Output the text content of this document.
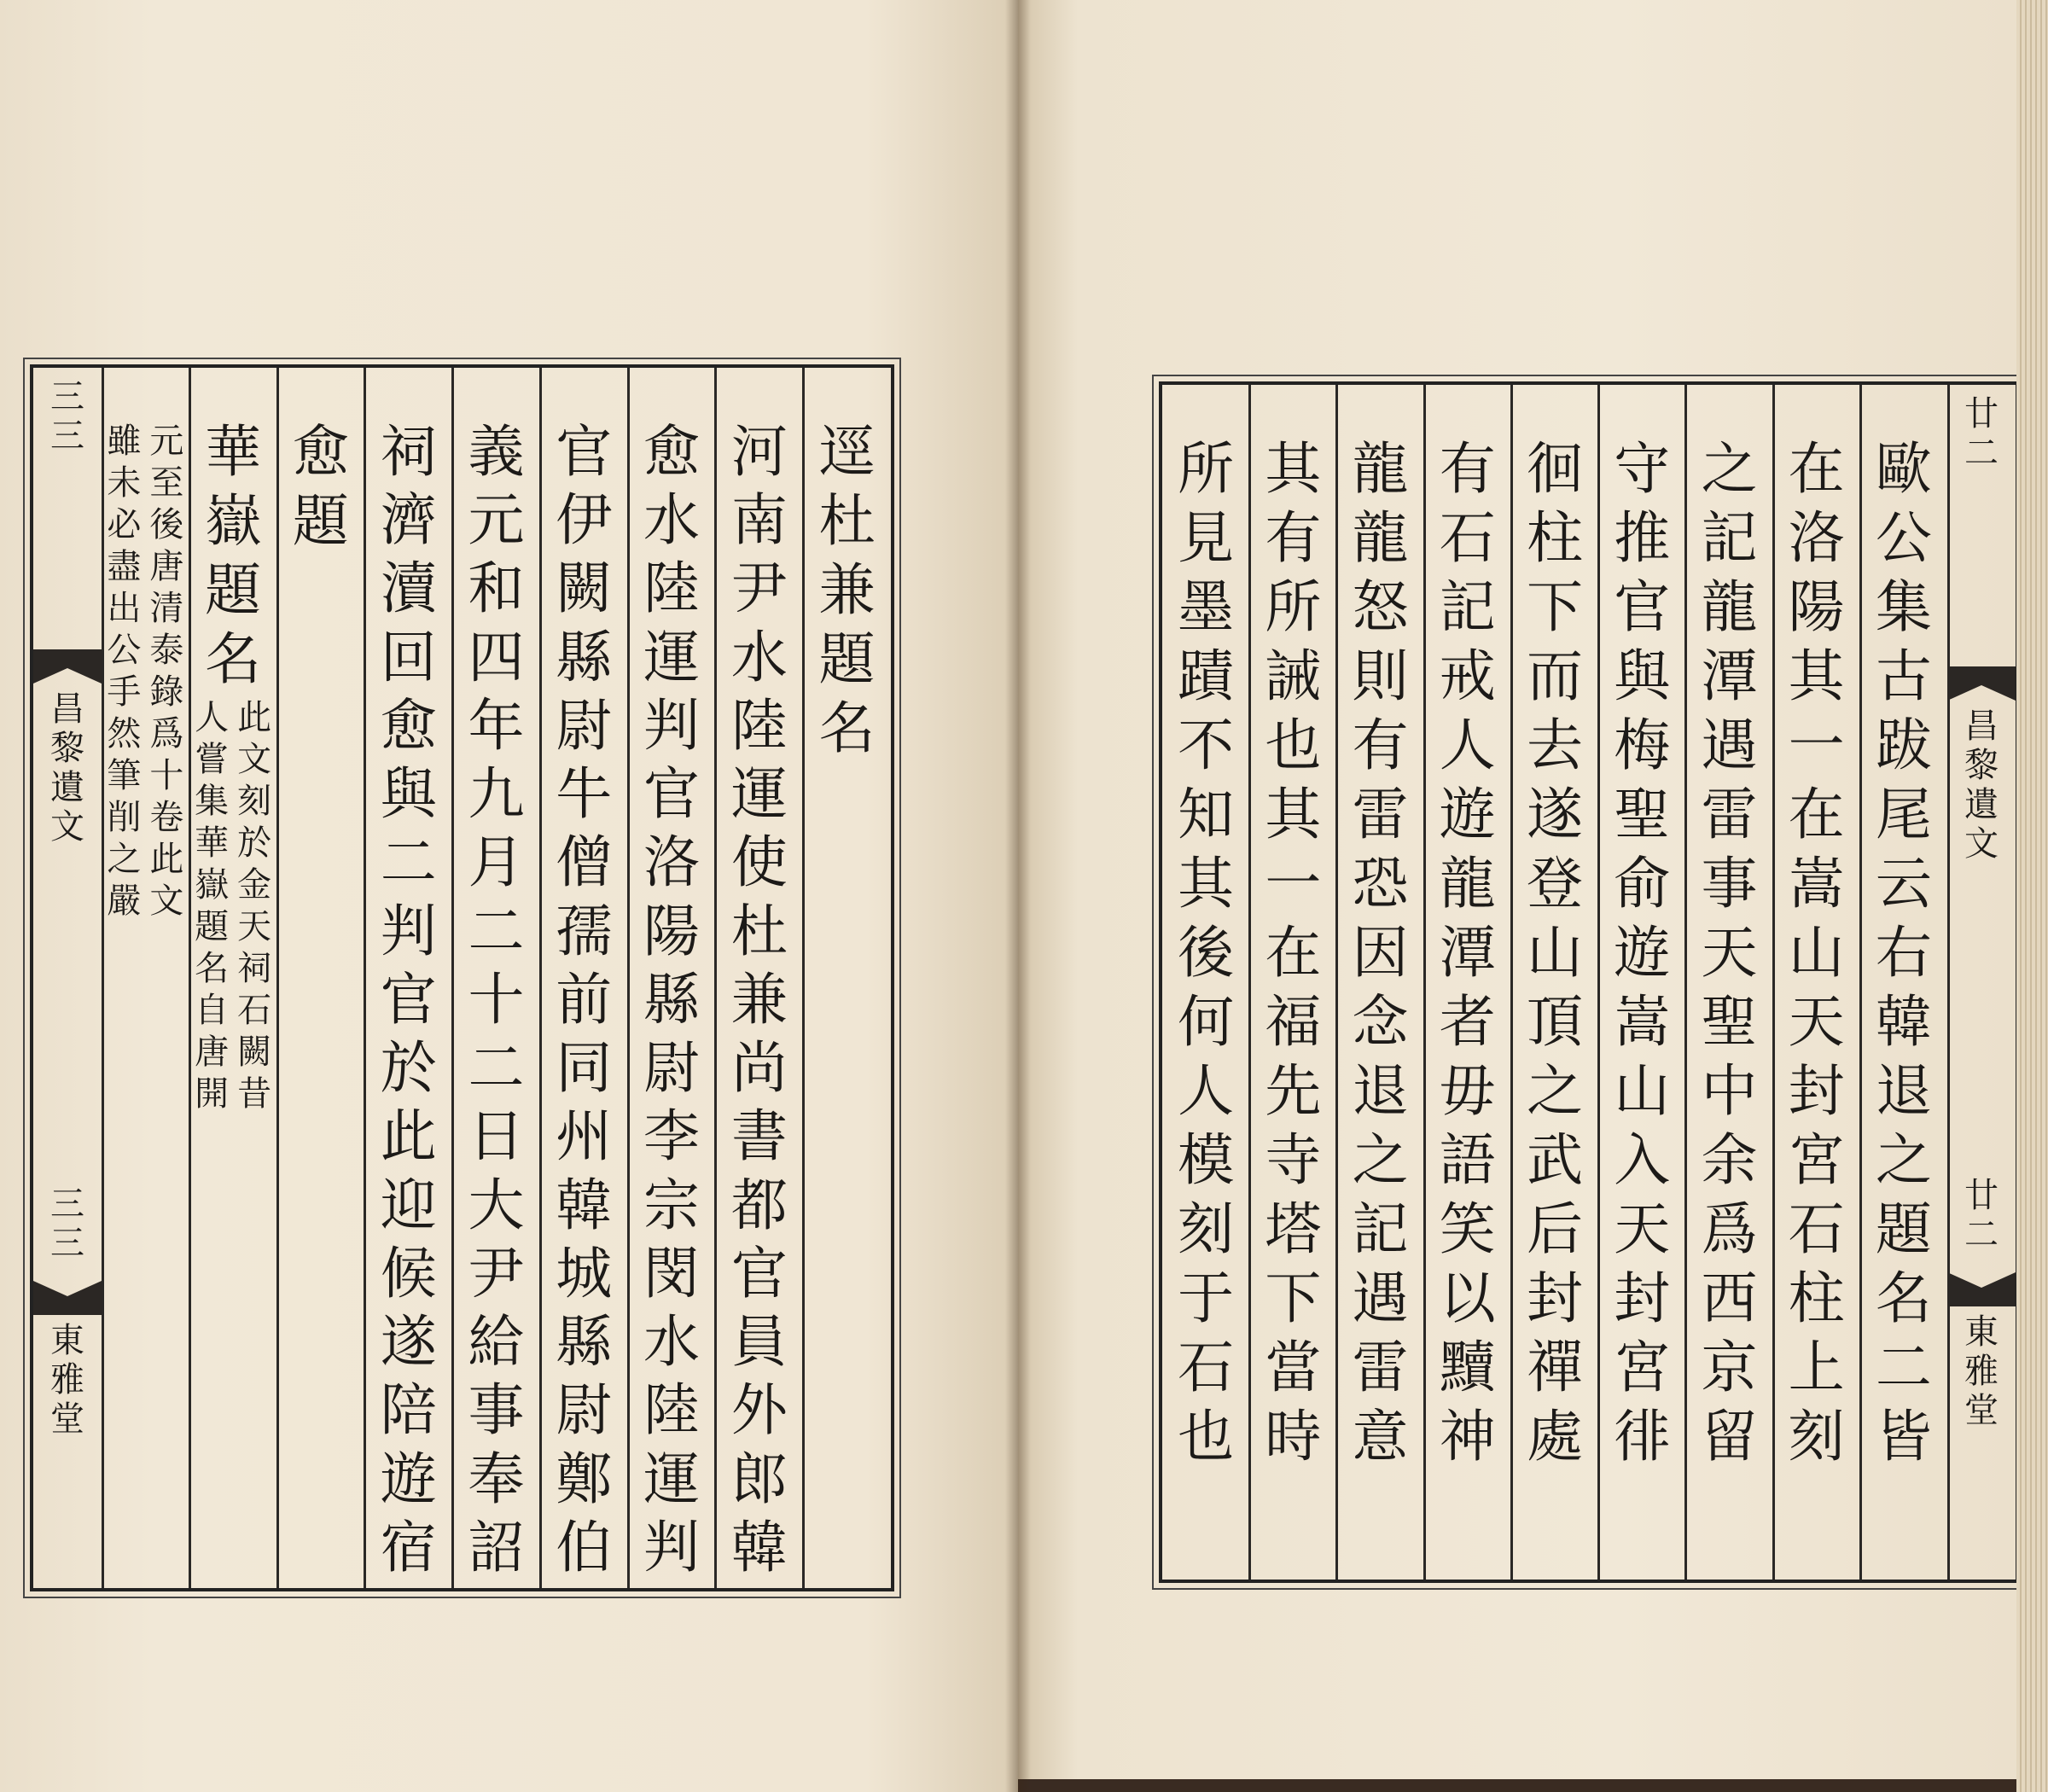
三
三
昌
黎
遺
文
三
三
東
雅
堂
逕
杜
兼
題
名
河
南
尹
水
陸
運
使
杜
兼
尚
書
都
官
員
外
郎
韓
愈
水
陸
運
判
官
洛
陽
縣
尉
李
宗
閔
水
陸
運
判
官
伊
闕
縣
尉
牛
僧
孺
前
同
州
韓
城
縣
尉
鄭
伯
義
元
和
四
年
九
月
二
十
二
日
大
尹
給
事
奉
詔
祠
濟
瀆
回
愈
與
二
判
官
於
此
迎
候
遂
陪
遊
宿
愈
題
華
嶽
題
名
人
嘗
集
華
嶽
題
名
自
唐
開
此
文
刻
於
金
天
祠
石
闕
昔
雖
未
必
盡
出
公
手
然
筆
削
之
嚴
元
至
後
唐
清
泰
錄
爲
十
卷
此
文
廿
二
昌
黎
遺
文
廿
二
東
雅
堂
歐
公
集
古
跋
尾
云
右
韓
退
之
題
名
二
皆
在
洛
陽
其
一
在
嵩
山
天
封
宮
石
柱
上
刻
之
記
龍
潭
遇
雷
事
天
聖
中
余
爲
西
京
留
守
推
官
與
梅
聖
俞
遊
嵩
山
入
天
封
宮
徘
徊
柱
下
而
去
遂
登
山
頂
之
武
后
封
禪
處
有
石
記
戒
人
遊
龍
潭
者
毋
語
笑
以
黷
神
龍
龍
怒
則
有
雷
恐
因
念
退
之
記
遇
雷
意
其
有
所
誡
也
其
一
在
福
先
寺
塔
下
當
時
所
見
墨
蹟
不
知
其
後
何
人
模
刻
于
石
也
